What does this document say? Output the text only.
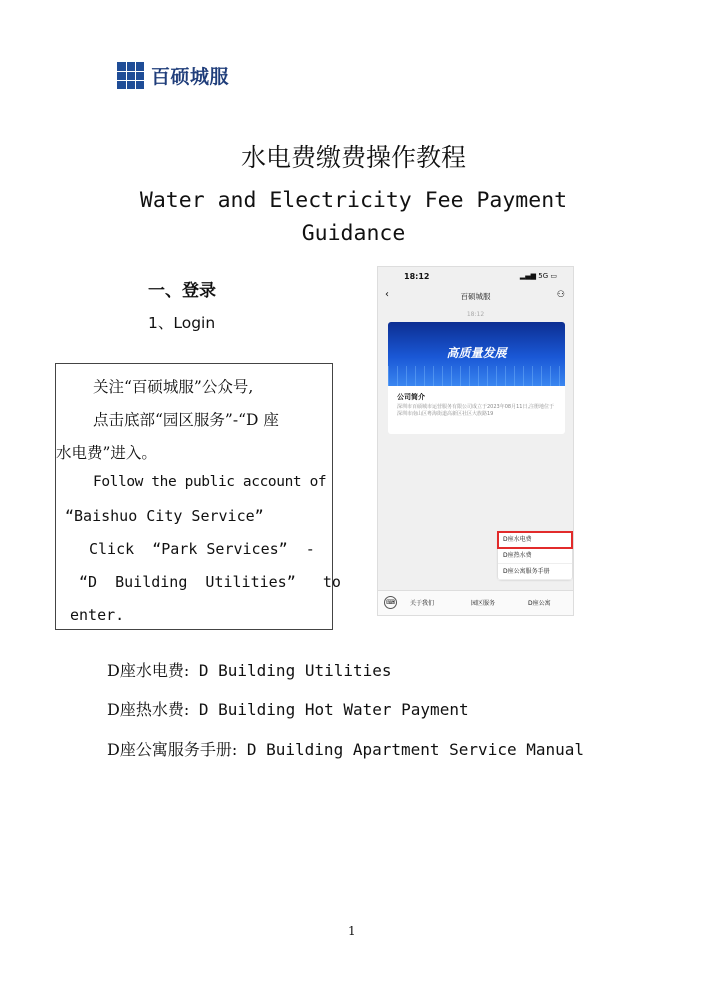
百硕城服
水电费缴费操作教程
Water and Electricity Fee Payment
Guidance
一、登录
1、Login
关注“百硕城服”公众号,
点击底部“园区服务”-“D 座
水电费”进入。
Follow the public account of
“Baishuo City Service”
Click  “Park Services”  -
“D  Building  Utilities”   to
enter.
18:12	▂▄▆ 5G ▭
‹	百硕城服	⚇
18:12
高质量发展
公司简介
深圳市百硕城市运营服务有限公司成立于2023年08月11日,注册地位于深圳市南山区粤海街道高新区社区大族路19
D座水电费
D座热水费
D座公寓服务手册
⌨	关于我们	园区服务	D座公寓
D座水电费: D Building Utilities
D座热水费: D Building Hot Water Payment
D座公寓服务手册: D Building Apartment Service Manual
1
